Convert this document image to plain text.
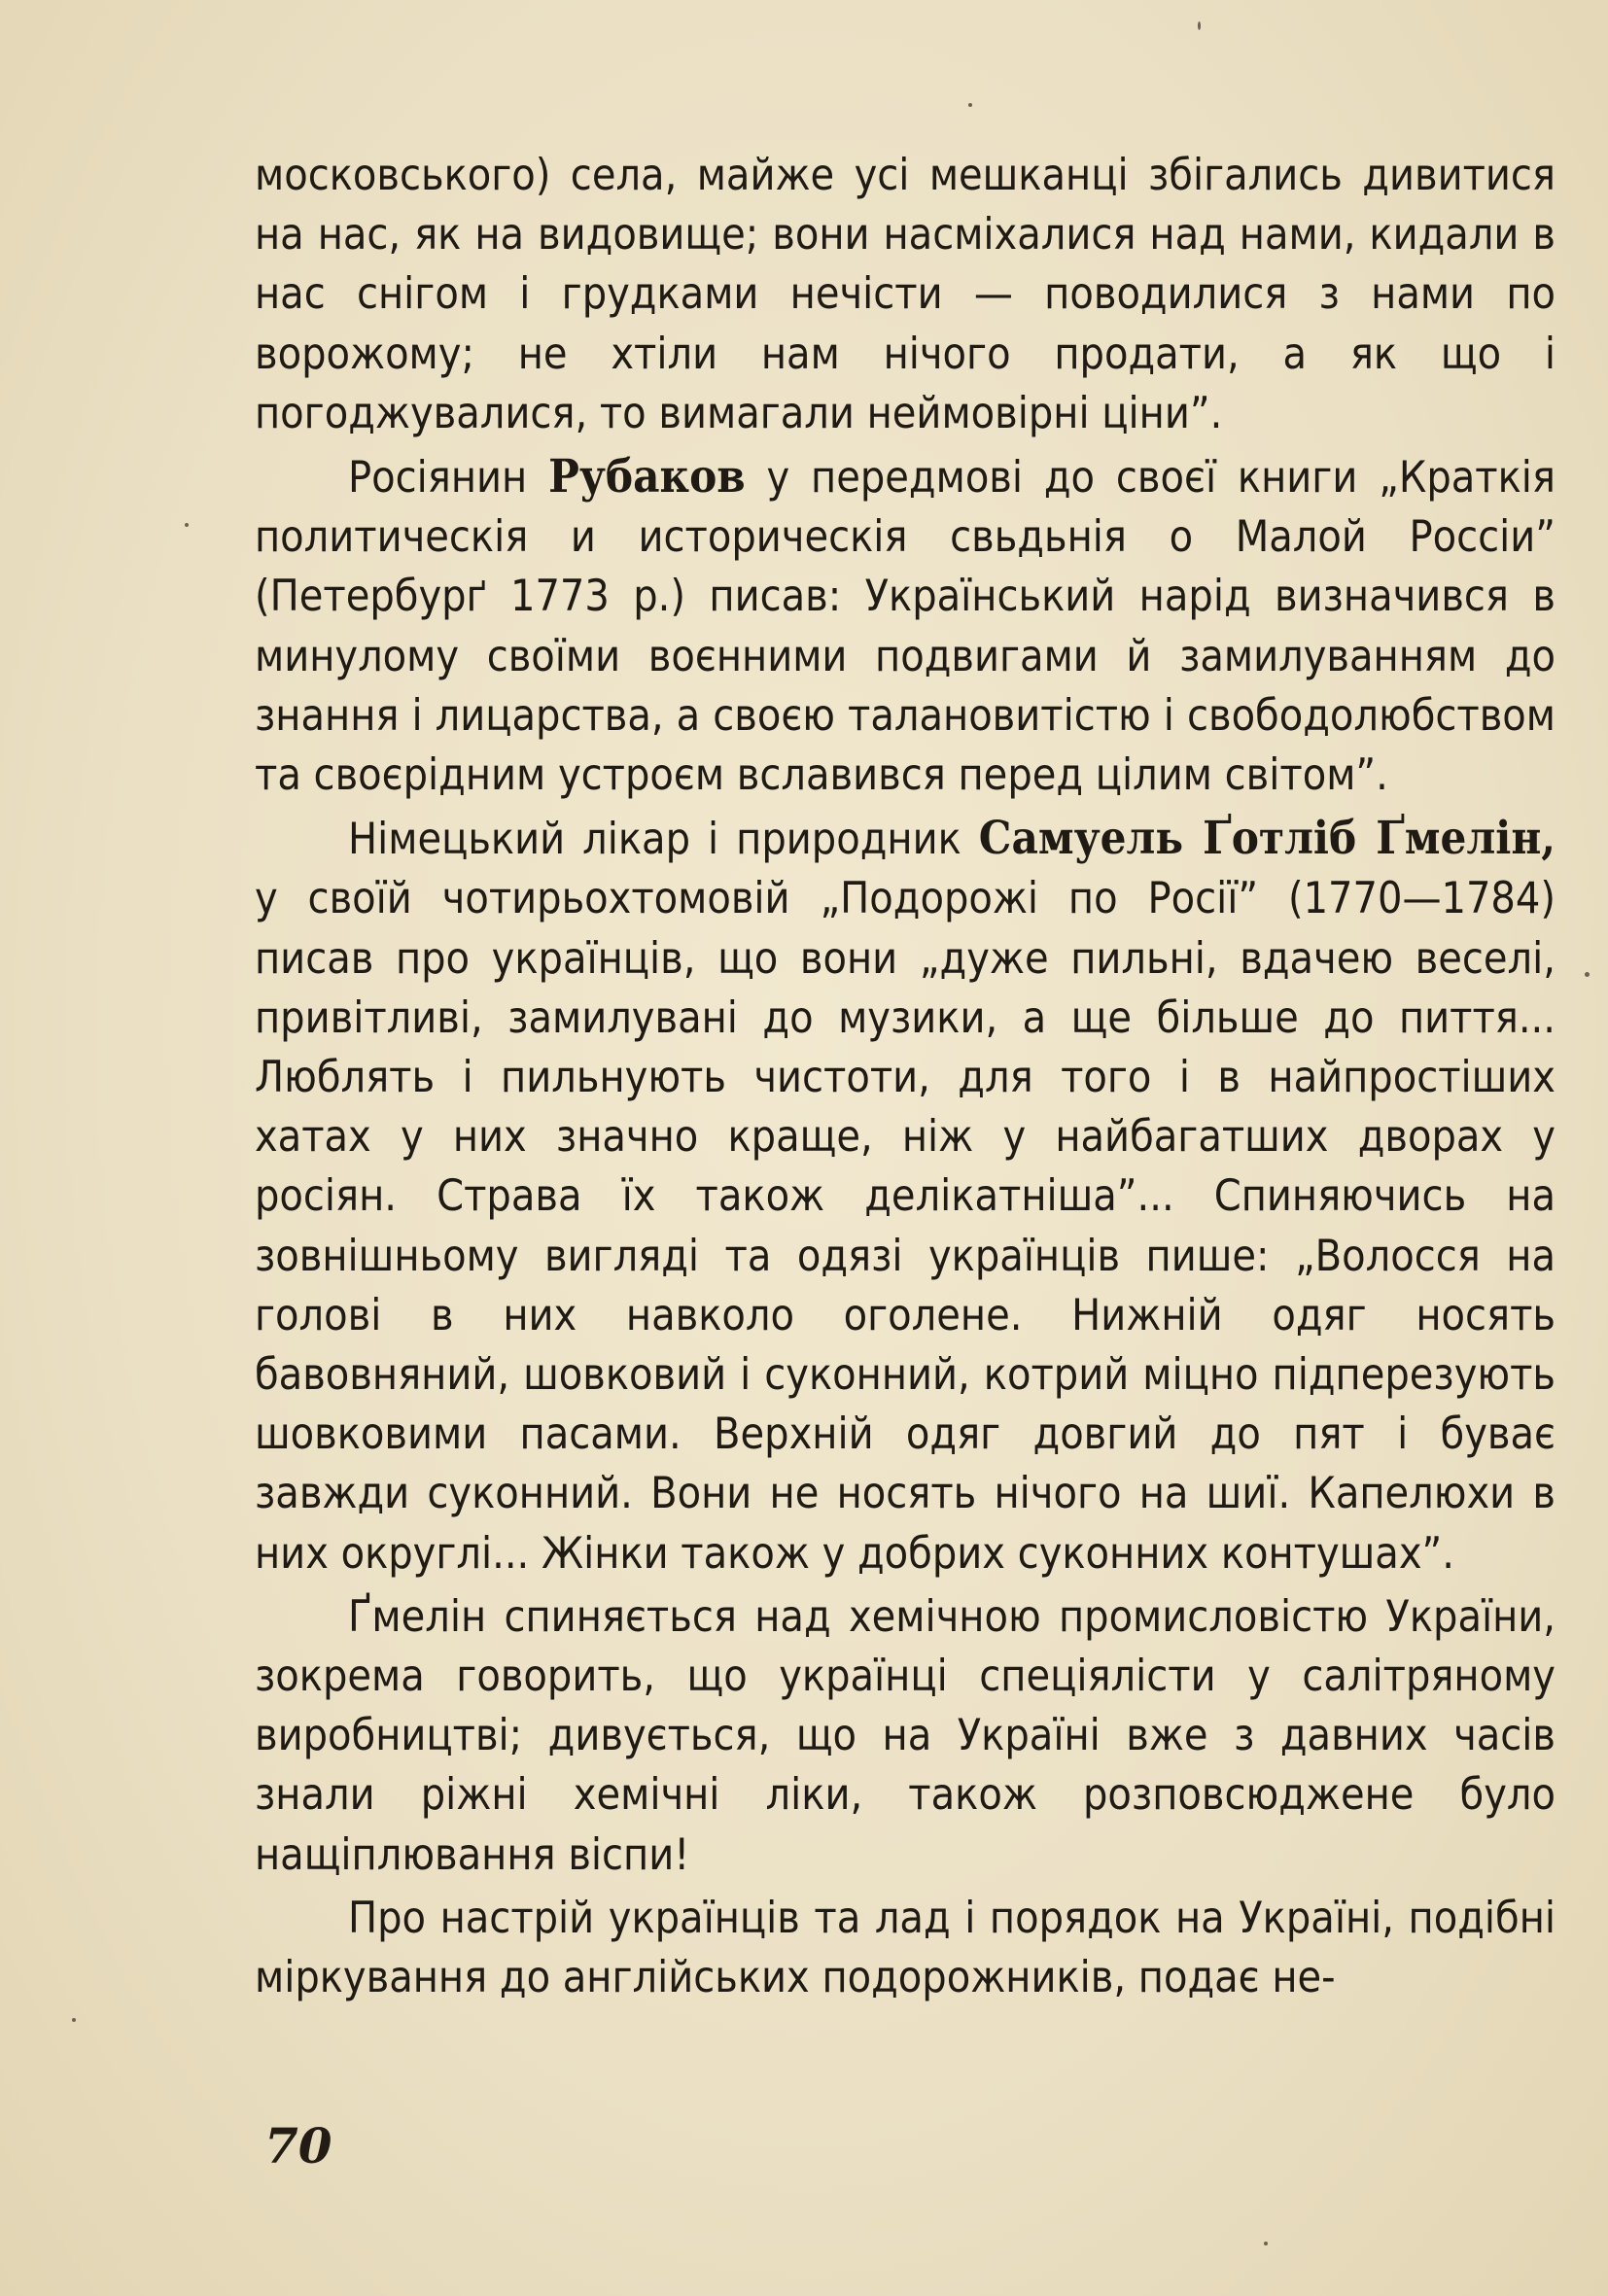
московського) села, майже усі мешканці збігались дивитися на нас, як на видовище; вони насміхалися над нами, кидали в нас снігом і грудками нечісти — поводилися з нами по ворожому; не хтіли нам нічого продати, а як що і погоджувалися, то вимагали неймовірні ціни”.

Росіянин Рубаков у передмові до своєї книги „Краткія политическія и историческія свьдьнія о Малой Россіи” (Петербурґ 1773 р.) писав: Український нарід визначився в минулому своїми воєнними подвигами й замилуванням до знання і лицарства, а своєю талановитістю і свободолюбством та своєрідним устроєм вславився перед цілим світом”.

Німецький лікар і природник Самуель Ґотліб Ґмелін, у своїй чотирьохтомовій „Подорожі по Росії” (1770—1784) писав про українців, що вони „дуже пильні, вдачею веселі, привітливі, замилувані до музики, а ще більше до пиття... Люблять і пильнують чистоти, для того і в найпростіших хатах у них значно краще, ніж у найбагатших дворах у росіян. Страва їх також делікатніша”... Спиняючись на зовнішньому вигляді та одязі українців пише: „Волосся на голові в них навколо оголене. Нижній одяг носять бавовняний, шовковий і суконний, котрий міцно підперезують шовковими пасами. Верхній одяг довгий до пят і буває завжди суконний. Вони не носять нічого на шиї. Капелюхи в них округлі... Жінки також у добрих суконних контушах”.

Ґмелін спиняється над хемічною промисловістю України, зокрема говорить, що українці спеціялісти у салітряному виробництві; дивується, що на Україні вже з давних часів знали ріжні хемічні ліки, також розповсюджене було нащіплювання віспи!

Про настрій українців та лад і порядок на Україні, подібні міркування до англійських подорожників, подає не-

70
